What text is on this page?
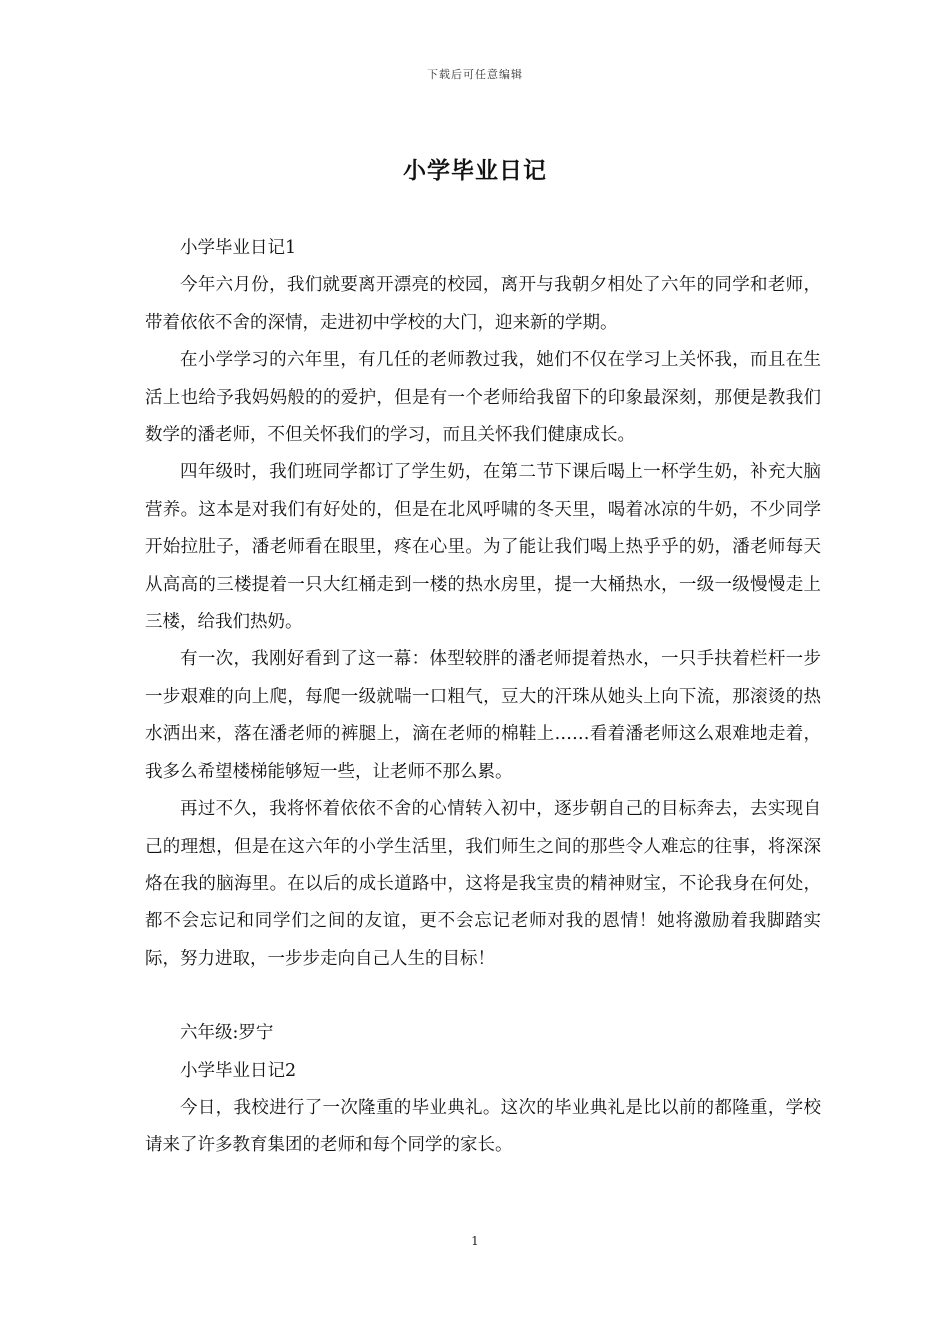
下载后可任意编辑
小学毕业日记

小学毕业日记1

今年六月份，我们就要离开漂亮的校园，离开与我朝夕相处了六年的同学和老师，带着依依不舍的深情，走进初中学校的大门，迎来新的学期。

在小学学习的六年里，有几任的老师教过我，她们不仅在学习上关怀我，而且在生活上也给予我妈妈般的的爱护，但是有一个老师给我留下的印象最深刻，那便是教我们数学的潘老师，不但关怀我们的学习，而且关怀我们健康成长。

四年级时，我们班同学都订了学生奶，在第二节下课后喝上一杯学生奶，补充大脑营养。这本是对我们有好处的，但是在北风呼啸的冬天里，喝着冰凉的牛奶，不少同学开始拉肚子，潘老师看在眼里，疼在心里。为了能让我们喝上热乎乎的奶，潘老师每天从高高的三楼提着一只大红桶走到一楼的热水房里，提一大桶热水，一级一级慢慢走上三楼，给我们热奶。

有一次，我刚好看到了这一幕：体型较胖的潘老师提着热水，一只手扶着栏杆一步一步艰难的向上爬，每爬一级就喘一口粗气，豆大的汗珠从她头上向下流，那滚烫的热水洒出来，落在潘老师的裤腿上，滴在老师的棉鞋上……看着潘老师这么艰难地走着，我多么希望楼梯能够短一些，让老师不那么累。

再过不久，我将怀着依依不舍的心情转入初中，逐步朝自己的目标奔去，去实现自己的理想，但是在这六年的小学生活里，我们师生之间的那些令人难忘的往事，将深深烙在我的脑海里。在以后的成长道路中，这将是我宝贵的精神财宝，不论我身在何处，都不会忘记和同学们之间的友谊，更不会忘记老师对我的恩情！她将激励着我脚踏实际，努力进取，一步步走向自己人生的目标！

六年级:罗宁

小学毕业日记2

今日，我校进行了一次隆重的毕业典礼。这次的毕业典礼是比以前的都隆重，学校请来了许多教育集团的老师和每个同学的家长。

1
